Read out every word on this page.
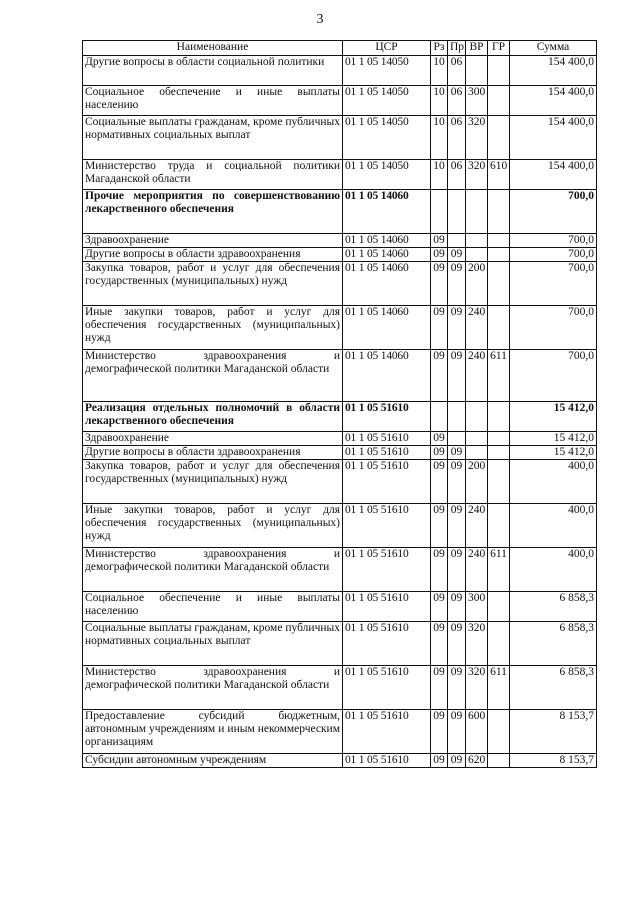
3
Наименование	ЦСР	Рз	Пр	ВР	ГР	Сумма
Другие вопросы в области социальной политики	01 1 05 14050	10	06			154 400,0
Социальное обеспечение и иные выплаты населению	01 1 05 14050	10	06	300		154 400,0
Социальные выплаты гражданам, кроме публичных нормативных социальных выплат	01 1 05 14050	10	06	320		154 400,0
Министерство труда и социальной политики Магаданской области	01 1 05 14050	10	06	320	610	154 400,0
Прочие мероприятия по совершенствованию лекарственного обеспечения	01 1 05 14060					700,0
Здравоохранение	01 1 05 14060	09				700,0
Другие вопросы в области здравоохранения	01 1 05 14060	09	09			700,0
Закупка товаров, работ и услуг для обеспечения государственных (муниципальных) нужд	01 1 05 14060	09	09	200		700,0
Иные закупки товаров, работ и услуг для обеспечения государственных (муниципальных) нужд	01 1 05 14060	09	09	240		700,0
Министерство здравоохранения и демографической политики Магаданской области	01 1 05 14060	09	09	240	611	700,0
Реализация отдельных полномочий в области лекарственного обеспечения	01 1 05 51610					15 412,0
Здравоохранение	01 1 05 51610	09				15 412,0
Другие вопросы в области здравоохранения	01 1 05 51610	09	09			15 412,0
Закупка товаров, работ и услуг для обеспечения государственных (муниципальных) нужд	01 1 05 51610	09	09	200		400,0
Иные закупки товаров, работ и услуг для обеспечения государственных (муниципальных) нужд	01 1 05 51610	09	09	240		400,0
Министерство здравоохранения и демографической политики Магаданской области	01 1 05 51610	09	09	240	611	400,0
Социальное обеспечение и иные выплаты населению	01 1 05 51610	09	09	300		6 858,3
Социальные выплаты гражданам, кроме публичных нормативных социальных выплат	01 1 05 51610	09	09	320		6 858,3
Министерство здравоохранения и демографической политики Магаданской области	01 1 05 51610	09	09	320	611	6 858,3
Предоставление субсидий бюджетным, автономным учреждениям и иным некоммерческим организациям	01 1 05 51610	09	09	600		8 153,7
Субсидии автономным учреждениям	01 1 05 51610	09	09	620		8 153,7
